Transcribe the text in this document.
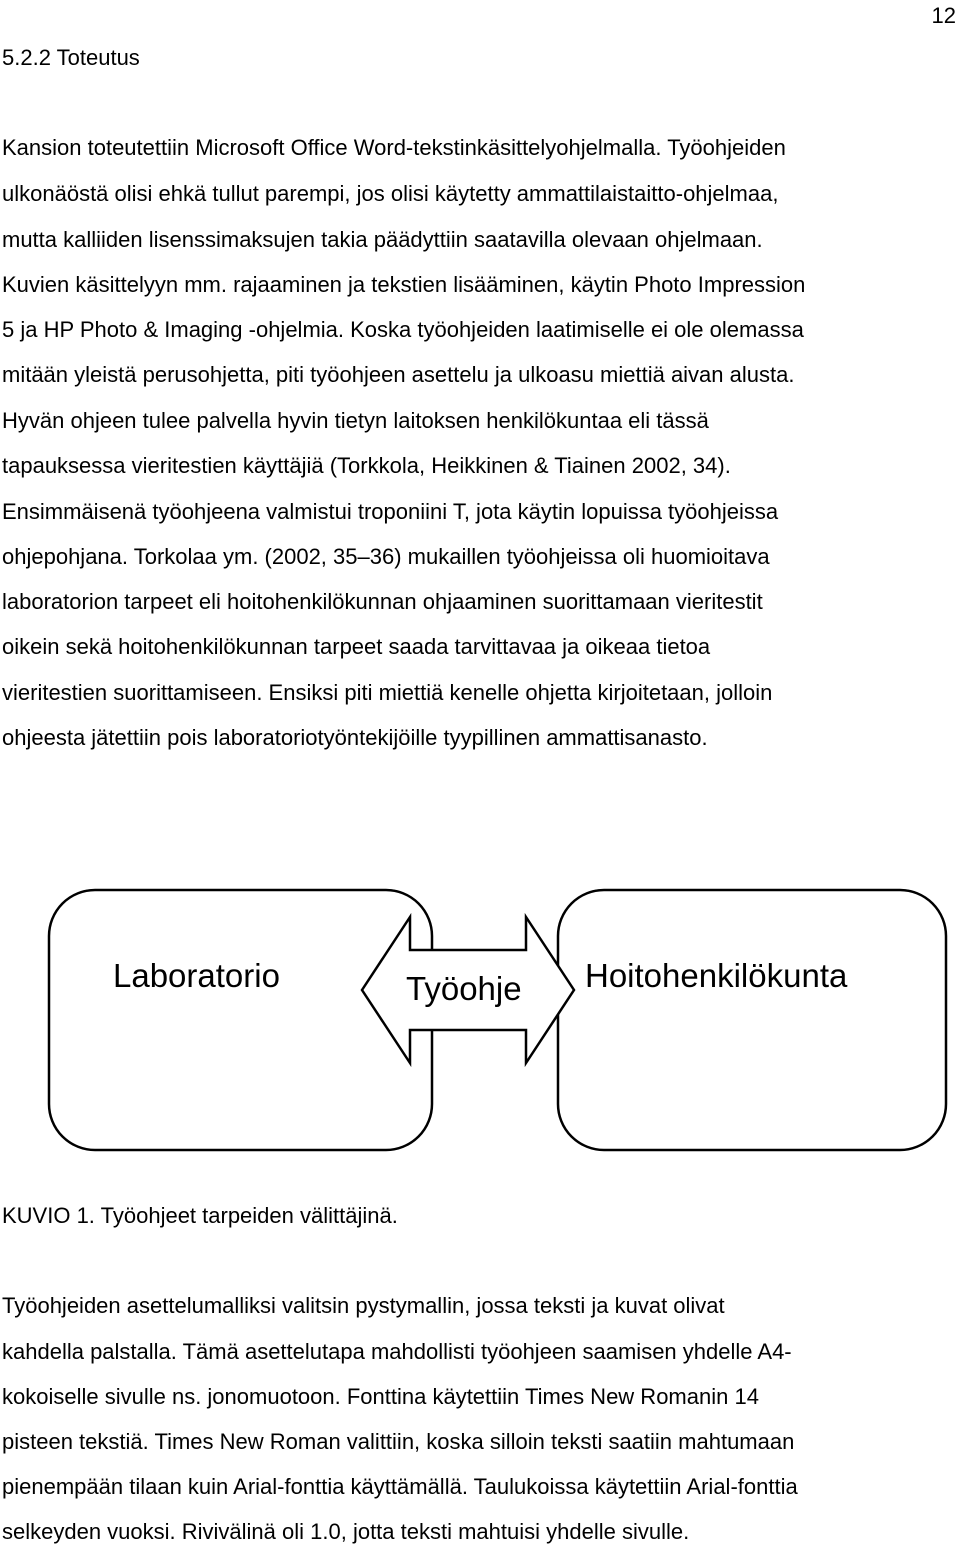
12
5.2.2 Toteutus
Kansion toteutettiin Microsoft Office Word-tekstinkäsittelyohjelmalla. Työohjeiden
ulkonäöstä olisi ehkä tullut parempi, jos olisi käytetty ammattilaistaitto-ohjelmaa,
mutta kalliiden lisenssimaksujen takia päädyttiin saatavilla olevaan ohjelmaan.
Kuvien käsittelyyn mm. rajaaminen ja tekstien lisääminen, käytin Photo Impression
5 ja HP Photo & Imaging -ohjelmia. Koska työohjeiden laatimiselle ei ole olemassa
mitään yleistä perusohjetta, piti työohjeen asettelu ja ulkoasu miettiä aivan alusta.
Hyvän ohjeen tulee palvella hyvin tietyn laitoksen henkilökuntaa eli tässä
tapauksessa vieritestien käyttäjiä (Torkkola, Heikkinen & Tiainen 2002, 34).
Ensimmäisenä työohjeena valmistui troponiini T, jota käytin lopuissa työohjeissa
ohjepohjana. Torkolaa ym. (2002, 35–36) mukaillen työohjeissa oli huomioitava
laboratorion tarpeet eli hoitohenkilökunnan ohjaaminen suorittamaan vieritestit
oikein sekä hoitohenkilökunnan tarpeet saada tarvittavaa ja oikeaa tietoa
vieritestien suorittamiseen. Ensiksi piti miettiä kenelle ohjetta kirjoitetaan, jolloin
ohjeesta jätettiin pois laboratoriotyöntekijöille tyypillinen ammattisanasto.
Laboratorio	Työohje Hoitohenkilökunta
KUVIO 1. Työohjeet tarpeiden välittäjinä.
Työohjeiden asettelumalliksi valitsin pystymallin, jossa teksti ja kuvat olivat
kahdella palstalla. Tämä asettelutapa mahdollisti työohjeen saamisen yhdelle A4-
kokoiselle sivulle ns. jonomuotoon. Fonttina käytettiin Times New Romanin 14
pisteen tekstiä. Times New Roman valittiin, koska silloin teksti saatiin mahtumaan
pienempään tilaan kuin Arial-fonttia käyttämällä. Taulukoissa käytettiin Arial-fonttia
selkeyden vuoksi. Rivivälinä oli 1.0, jotta teksti mahtuisi yhdelle sivulle.
